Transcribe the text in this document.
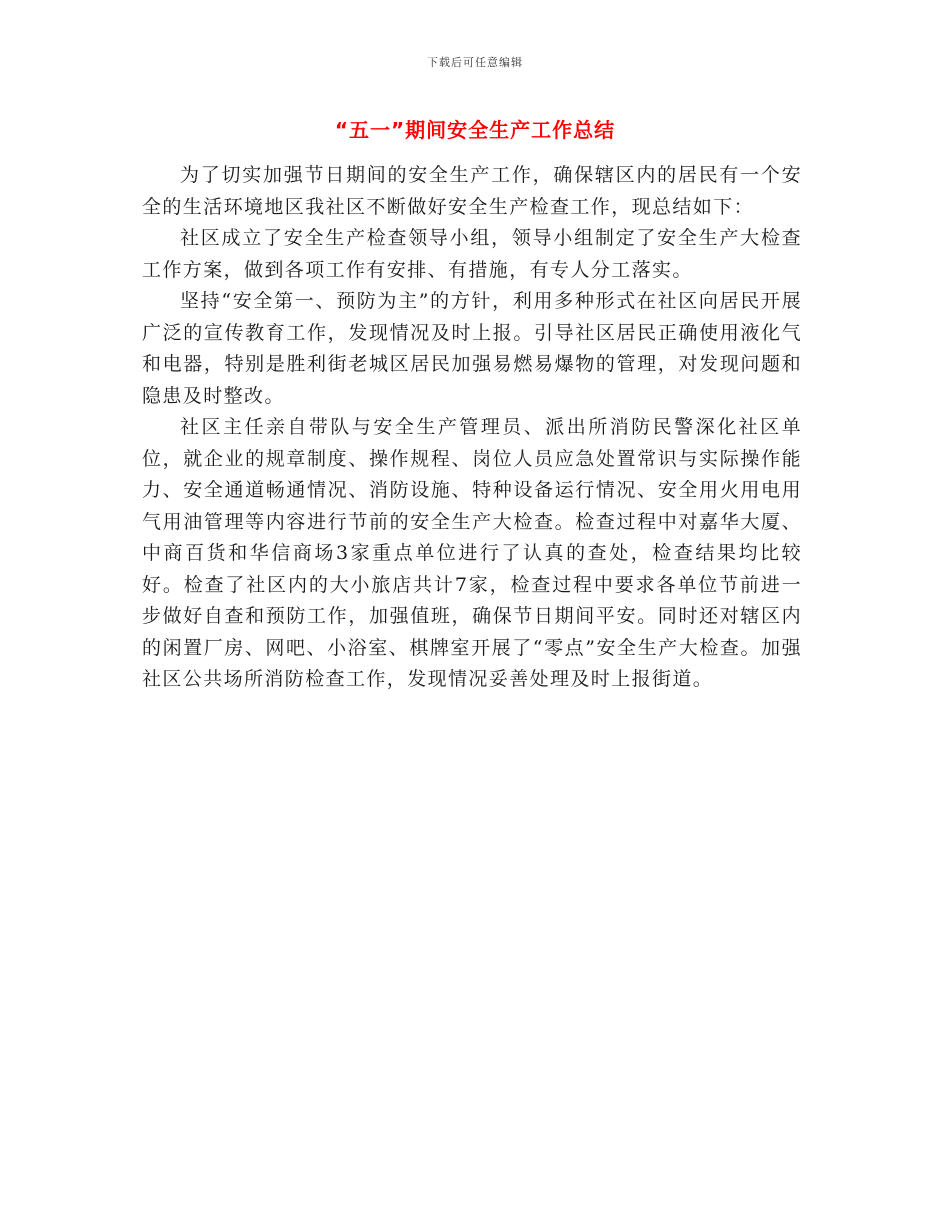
下载后可任意编辑
“五一”期间安全生产工作总结

为了切实加强节日期间的安全生产工作，确保辖区内的居民有一个安全的生活环境地区我社区不断做好安全生产检查工作，现总结如下：

社区成立了安全生产检查领导小组，领导小组制定了安全生产大检查工作方案，做到各项工作有安排、有措施，有专人分工落实。

坚持“安全第一、预防为主”的方针，利用多种形式在社区向居民开展广泛的宣传教育工作，发现情况及时上报。引导社区居民正确使用液化气和电器，特别是胜利街老城区居民加强易燃易爆物的管理，对发现问题和隐患及时整改。

社区主任亲自带队与安全生产管理员、派出所消防民警深化社区单位，就企业的规章制度、操作规程、岗位人员应急处置常识与实际操作能力、安全通道畅通情况、消防设施、特种设备运行情况、安全用火用电用气用油管理等内容进行节前的安全生产大检查。检查过程中对嘉华大厦、中商百货和华信商场3家重点单位进行了认真的查处，检查结果均比较好。检查了社区内的大小旅店共计7家，检查过程中要求各单位节前进一步做好自查和预防工作，加强值班，确保节日期间平安。同时还对辖区内的闲置厂房、网吧、小浴室、棋牌室开展了“零点”安全生产大检查。加强社区公共场所消防检查工作，发现情况妥善处理及时上报街道。
